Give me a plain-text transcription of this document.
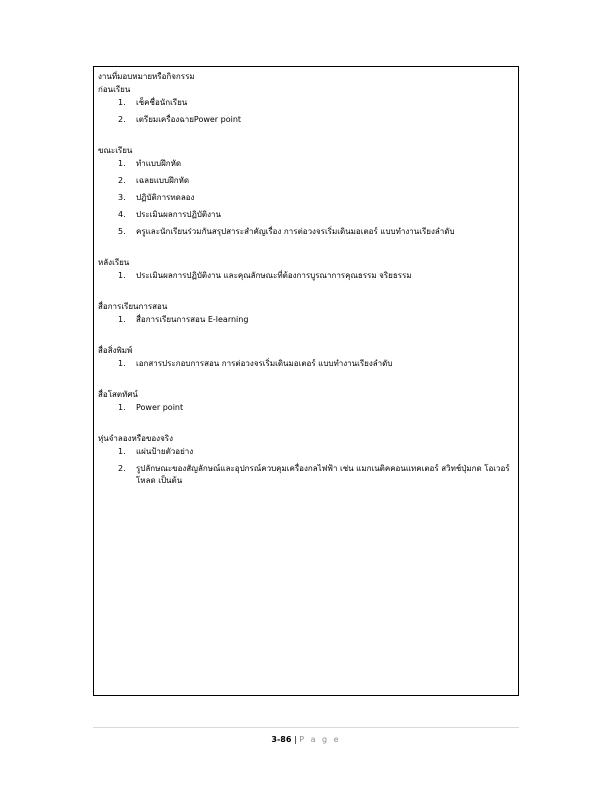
งานที่มอบหมายหรือกิจกรรม
ก่อนเรียน
1.	เช็คชื่อนักเรียน
2.	เตรียมเครื่องฉายPower point
ขณะเรียน
1.	ทำแบบฝึกหัด
2.	เฉลยแบบฝึกหัด
3.	ปฏิบัติการทดลอง
4.	ประเมินผลการปฏิบัติงาน
5.	ครูและนักเรียนร่วมกันสรุปสาระสำคัญเรื่อง การต่อวงจรเริ่มเดินมอเตอร์ แบบทำงานเรียงลำดับ
หลังเรียน
1.	ประเมินผลการปฏิบัติงาน และคุณลักษณะที่ต้องการบูรณาการคุณธรรม จริยธรรม
สื่อการเรียนการสอน
1.	สื่อการเรียนการสอน E-learning
สื่อสิ่งพิมพ์
1.	เอกสารประกอบการสอน การต่อวงจรเริ่มเดินมอเตอร์ แบบทำงานเรียงลำดับ
สื่อโสตทัศน์
1.	Power point
หุ่นจำลองหรือของจริง
1.	แผ่นป้ายตัวอย่าง
2.	รูปลักษณะของสัญลักษณ์และอุปกรณ์ควบคุมเครื่องกลไฟฟ้า เช่น แมกเนติคคอนแทคเตอร์ สวิทช์ปุ่มกด โอเวอร์โหลด เป็นต้น
3-86 | P a g e
